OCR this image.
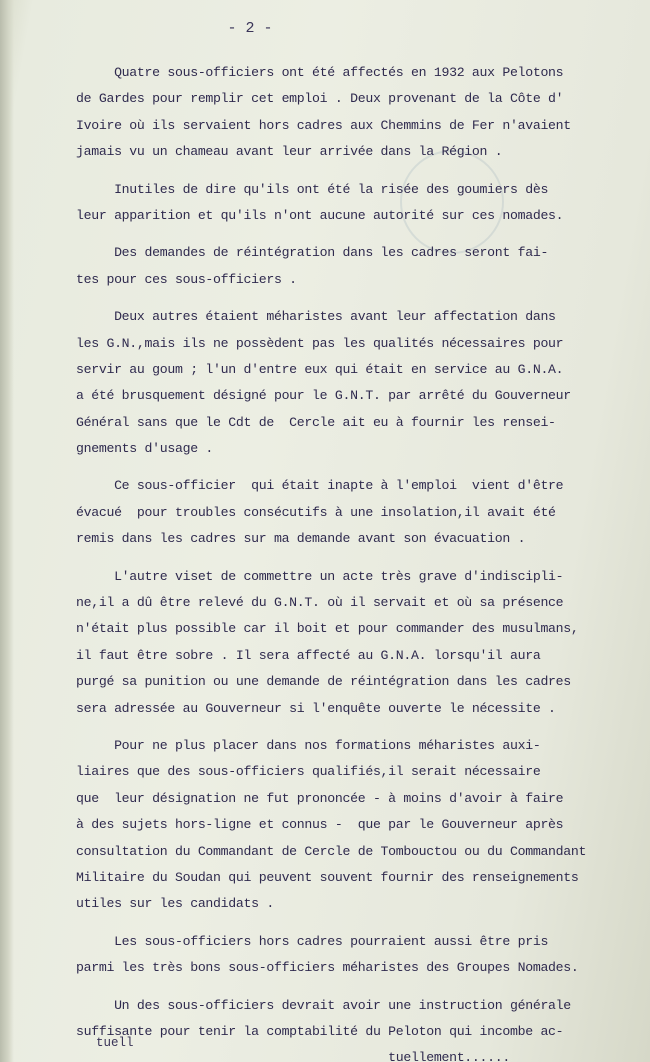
- 2 -
Quatre sous-officiers ont été affectés en 1932 aux Pelotons
de Gardes pour remplir cet emploi . Deux provenant de la Côte d'
Ivoire où ils servaient hors cadres aux Chemmins de Fer n'avaient
jamais vu un chameau avant leur arrivée dans la Région .
Inutiles de dire qu'ils ont été la risée des goumiers dès
leur apparition et qu'ils n'ont aucune autorité sur ces nomades.
Des demandes de réintégration dans les cadres seront fai-
tes pour ces sous-officiers .
Deux autres étaient méharistes avant leur affectation dans
les G.N.,mais ils ne possèdent pas les qualités nécessaires pour
servir au goum ; l'un d'entre eux qui était en service au G.N.A.
a été brusquement désigné pour le G.N.T. par arrêté du Gouverneur
Général sans que le Cdt de  Cercle ait eu à fournir les rensei-
gnements d'usage .
Ce sous-officier  qui était inapte à l'emploi  vient d'être
évacué  pour troubles consécutifs à une insolation,il avait été
remis dans les cadres sur ma demande avant son évacuation .
L'autre viset de commettre un acte très grave d'indiscipli-
ne,il a dû être relevé du G.N.T. où il servait et où sa présence
n'était plus possible car il boit et pour commander des musulmans,
il faut être sobre . Il sera affecté au G.N.A. lorsqu'il aura
purgé sa punition ou une demande de réintégration dans les cadres
sera adressée au Gouverneur si l'enquête ouverte le nécessite .
Pour ne plus placer dans nos formations méharistes auxi-
liaires que des sous-officiers qualifiés,il serait nécessaire
que  leur désignation ne fut prononcée - à moins d'avoir à faire
à des sujets hors-ligne et connus -  que par le Gouverneur après
consultation du Commandant de Cercle de Tombouctou ou du Commandant
Militaire du Soudan qui peuvent souvent fournir des renseignements
utiles sur les candidats .
Les sous-officiers hors cadres pourraient aussi être pris
parmi les très bons sous-officiers méharistes des Groupes Nomades.
Un des sous-officiers devrait avoir une instruction générale
suffisante pour tenir la comptabilité du Peloton qui incombe ac-
tuellement......
tuell
